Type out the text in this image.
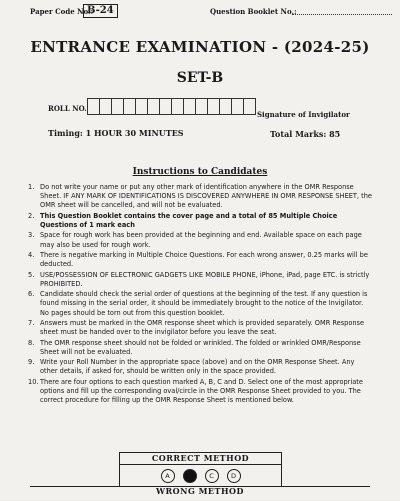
Paper Code No.:
B-24	Question Booklet No.:
ENTRANCE EXAMINATION - (2024-25)
SET-B
ROLL NO.
Signature of Invigilator
Timing: 1 HOUR 30 MINUTES	Total Marks: 85
Instructions to Candidates
1. Do not write your name or put any other mark of identification anywhere in the OMR Response Sheet. IF ANY MARK OF IDENTIFICATIONS IS DISCOVERED ANYWHERE IN OMR RESPONSE SHEET, the OMR sheet will be cancelled, and will not be evaluated.
2. This Question Booklet contains the cover page and a total of 85 Multiple Choice Questions of 1 mark each
3. Space for rough work has been provided at the beginning and end. Available space on each page may also be used for rough work.
4. There is negative marking in Multiple Choice Questions. For each wrong answer, 0.25 marks will be deducted.
5. USE/POSSESSION OF ELECTRONIC GADGETS LIKE MOBILE PHONE, iPhone, iPad, page ETC. is strictly PROHIBITED.
6. Candidate should check the serial order of questions at the beginning of the test. If any question is found missing in the serial order, it should be immediately brought to the notice of the Invigilator. No pages should be torn out from this question booklet.
7. Answers must be marked in the OMR response sheet which is provided separately. OMR Response sheet must be handed over to the invigilator before you leave the seat.
8. The OMR response sheet should not be folded or wrinkled. The folded or wrinkled OMR/Response Sheet will not be evaluated.
9. Write your Roll Number in the appropriate space (above) and on the OMR Response Sheet. Any other details, if asked for, should be written only in the space provided.
10. There are four options to each question marked A, B, C and D. Select one of the most appropriate options and fill up the corresponding oval/circle in the OMR Response Sheet provided to you. The correct procedure for filling up the OMR Response Sheet is mentioned below.
CORRECT METHOD
A	B	C	D
WRONG METHOD
